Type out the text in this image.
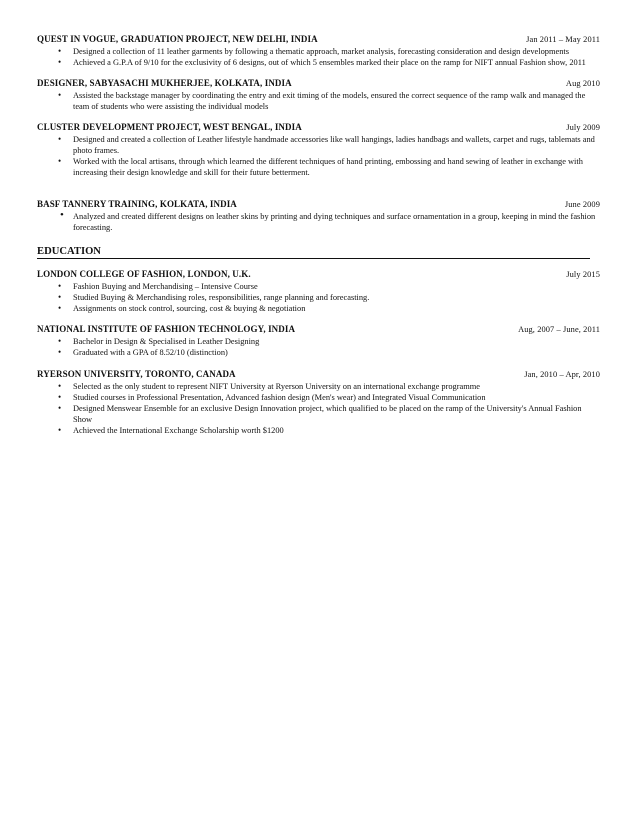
QUEST IN VOGUE, GRADUATION PROJECT, NEW DELHI, INDIA	Jan 2011 – May 2011
• Designed a collection of 11 leather garments by following a thematic approach, market analysis, forecasting consideration and design developments
• Achieved a G.P.A of 9/10 for the exclusivity of 6 designs, out of which 5 ensembles marked their place on the ramp for NIFT annual Fashion show, 2011
DESIGNER, SABYASACHI MUKHERJEE, KOLKATA, INDIA	Aug 2010
• Assisted the backstage manager by coordinating the entry and exit timing of the models, ensured the correct sequence of the ramp walk and managed the team of students who were assisting the individual models
CLUSTER DEVELOPMENT PROJECT, WEST BENGAL, INDIA	July 2009
• Designed and created a collection of Leather lifestyle handmade accessories like wall hangings, ladies handbags and wallets, carpet and rugs, tablemats and photo frames.
• Worked with the local artisans, through which learned the different techniques of hand printing, embossing and hand sewing of leather in exchange with increasing their design knowledge and skill for their future betterment.
BASF TANNERY TRAINING, KOLKATA, INDIA	June 2009
• Analyzed and created different designs on leather skins by printing and dying techniques and surface ornamentation in a group, keeping in mind the fashion forecasting.
EDUCATION
LONDON COLLEGE OF FASHION, LONDON, U.K.	July 2015
• Fashion Buying and Merchandising – Intensive Course
• Studied Buying & Merchandising roles, responsibilities, range planning and forecasting.
• Assignments on stock control, sourcing, cost & buying & negotiation
NATIONAL INSTITUTE OF FASHION TECHNOLOGY, INDIA	Aug, 2007 – June, 2011
• Bachelor in Design & Specialised in Leather Designing
• Graduated with a GPA of 8.52/10 (distinction)
RYERSON UNIVERSITY, TORONTO, CANADA	Jan, 2010 – Apr, 2010
• Selected as the only student to represent NIFT University at Ryerson University on an international exchange programme
• Studied courses in Professional Presentation, Advanced fashion design (Men's wear) and Integrated Visual Communication
• Designed Menswear Ensemble for an exclusive Design Innovation project, which qualified to be placed on the ramp of the University's Annual Fashion Show
• Achieved the International Exchange Scholarship worth $1200
